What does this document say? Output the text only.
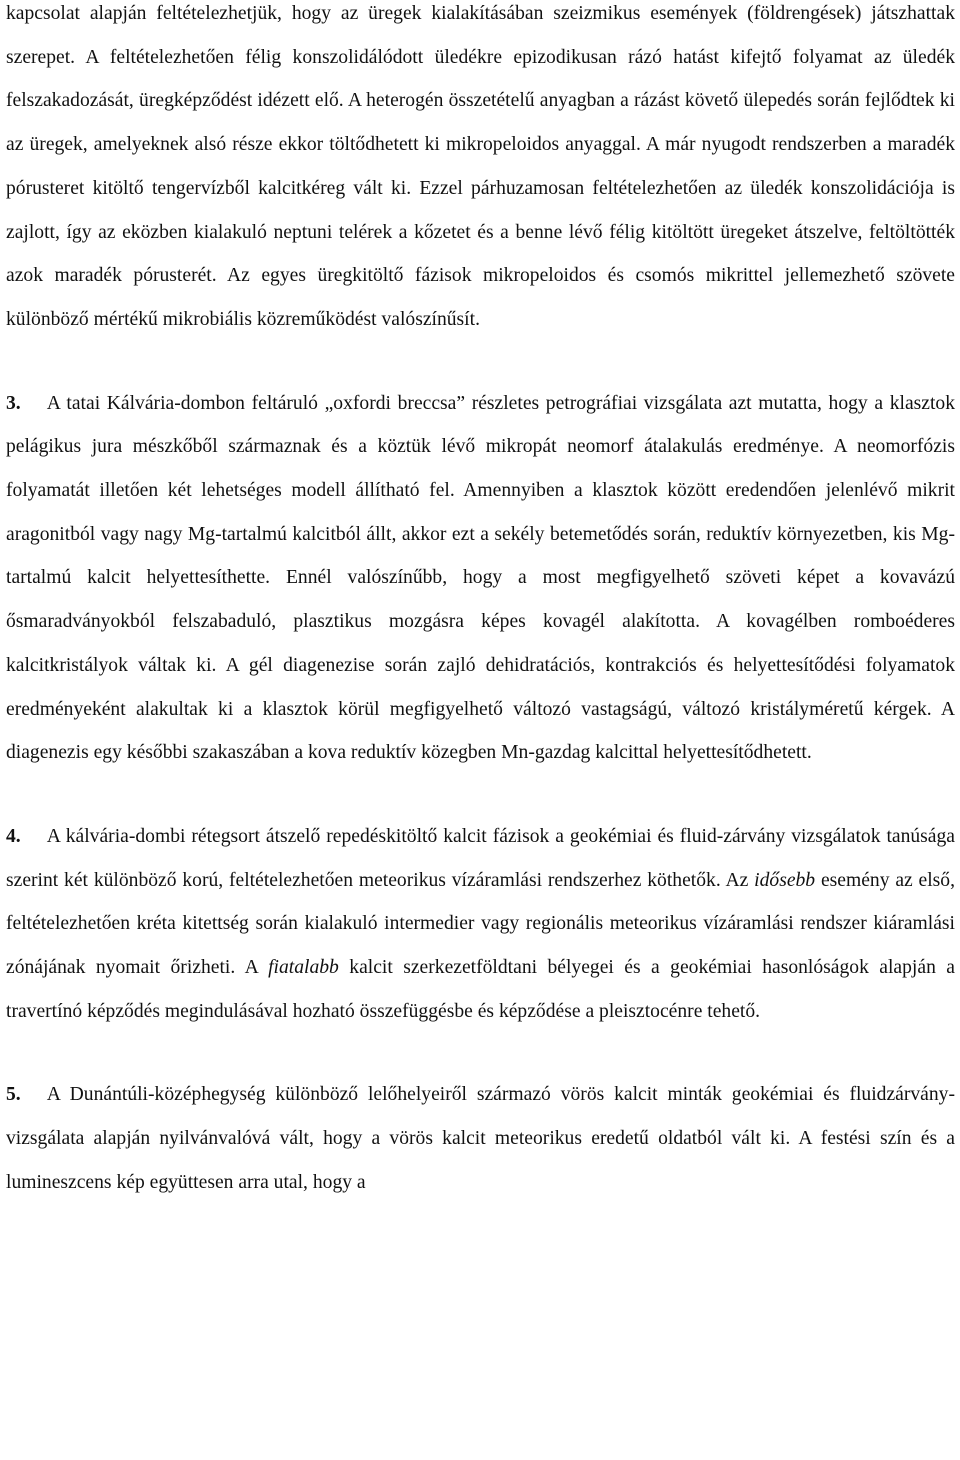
kapcsolat alapján feltételezhetjük, hogy az üregek kialakításában szeizmikus események (földrengések) játszhattak szerepet. A feltételezhetően félig konszolidálódott üledékre epizodikusan rázó hatást kifejtő folyamat az üledék felszakadozását, üregképződést idézett elő. A heterogén összetételű anyagban a rázást követő ülepedés során fejlődtek ki az üregek, amelyeknek alsó része ekkor töltődhetett ki mikropeloidos anyaggal. A már nyugodt rendszerben a maradék pórusteret kitöltő tengervízből kalcitkéreg vált ki. Ezzel párhuzamosan feltételezhetően az üledék konszolidációja is zajlott, így az eközben kialakuló neptuni telérek a kőzetet és a benne lévő félig kitöltött üregeket átszelve, feltöltötték azok maradék pórusterét. Az egyes üregkitöltő fázisok mikropeloidos és csomós mikrittel jellemezhető szövete különböző mértékű mikrobiális közreműködést valószínűsít.

3. A tatai Kálvária-dombon feltáruló „oxfordi breccsa” részletes petrográfiai vizsgálata azt mutatta, hogy a klasztok pelágikus jura mészkőből származnak és a köztük lévő mikropát neomorf átalakulás eredménye. A neomorfózis folyamatát illetően két lehetséges modell állítható fel. Amennyiben a klasztok között eredendően jelenlévő mikrit aragonitból vagy nagy Mg-tartalmú kalcitból állt, akkor ezt a sekély betemetődés során, reduktív környezetben, kis Mg-tartalmú kalcit helyettesíthette. Ennél valószínűbb, hogy a most megfigyelhető szöveti képet a kovavázú ősmaradványokból felszabaduló, plasztikus mozgásra képes kovagél alakította. A kovagélben romboéderes kalcitkristályok váltak ki. A gél diagenezise során zajló dehidratációs, kontrakciós és helyettesítődési folyamatok eredményeként alakultak ki a klasztok körül megfigyelhető változó vastagságú, változó kristályméretű kérgek. A diagenezis egy későbbi szakaszában a kova reduktív közegben Mn-gazdag kalcittal helyettesítődhetett.

4. A kálvária-dombi rétegsort átszelő repedéskitöltő kalcit fázisok a geokémiai és fluid-zárvány vizsgálatok tanúsága szerint két különböző korú, feltételezhetően meteorikus vízáramlási rendszerhez köthetők. Az idősebb esemény az első, feltételezhetően kréta kitettség során kialakuló intermedier vagy regionális meteorikus vízáramlási rendszer kiáramlási zónájának nyomait őrizheti. A fiatalabb kalcit szerkezetföldtani bélyegei és a geokémiai hasonlóságok alapján a travertínó képződés megindulásával hozható összefüggésbe és képződése a pleisztocénre tehető.

5. A Dunántúli-középhegység különböző lelőhelyeiről származó vörös kalcit minták geokémiai és fluidzárvány-vizsgálata alapján nyilvánvalóvá vált, hogy a vörös kalcit meteorikus eredetű oldatból vált ki. A festési szín és a lumineszcens kép együttesen arra utal, hogy a
